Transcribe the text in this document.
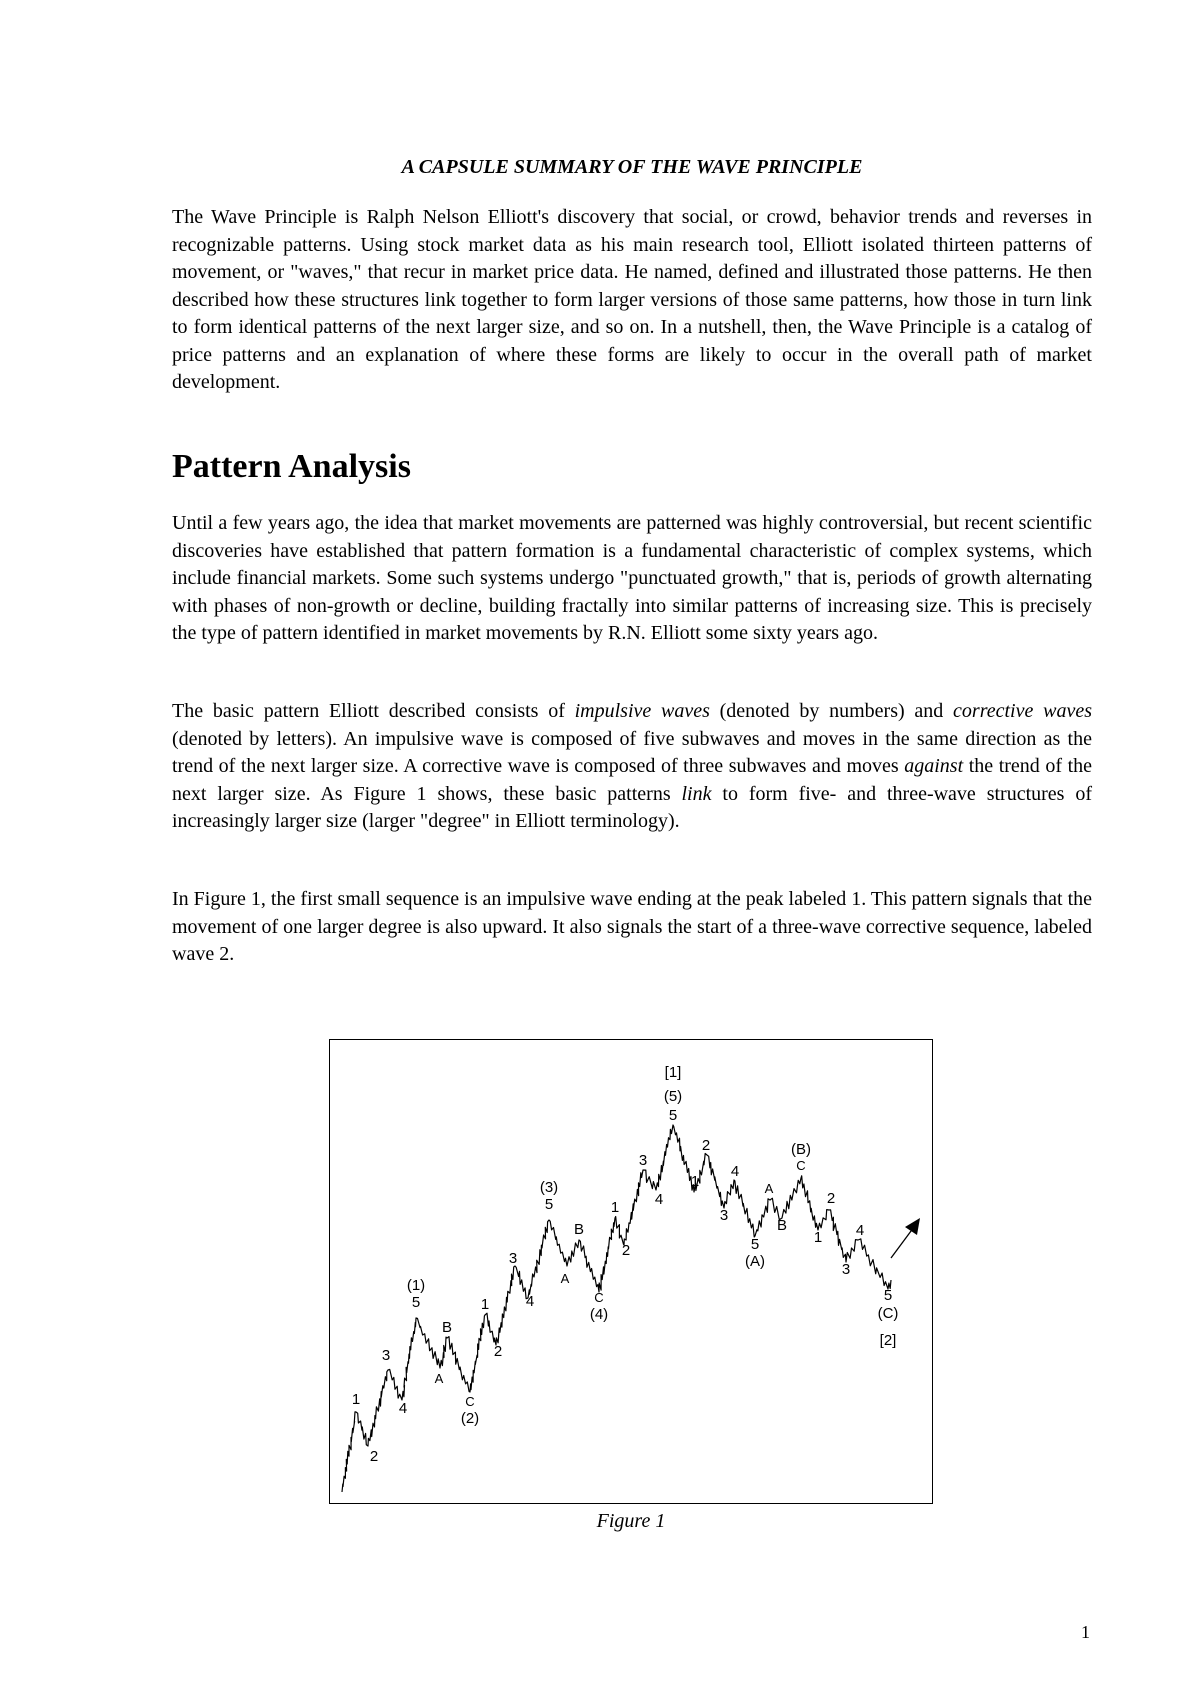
A CAPSULE SUMMARY OF THE WAVE PRINCIPLE

The Wave Principle is Ralph Nelson Elliott's discovery that social, or crowd, behavior trends and reverses in recognizable patterns. Using stock market data as his main research tool, Elliott isolated thirteen patterns of movement, or "waves," that recur in market price data. He named, defined and illustrated those patterns. He then described how these structures link together to form larger versions of those same patterns, how those in turn link to form identical patterns of the next larger size, and so on. In a nutshell, then, the Wave Principle is a catalog of price patterns and an explanation of where these forms are likely to occur in the overall path of market development.

Pattern Analysis

Until a few years ago, the idea that market movements are patterned was highly controversial, but recent scientific discoveries have established that pattern formation is a fundamental characteristic of complex systems, which include financial markets. Some such systems undergo "punctuated growth," that is, periods of growth alternating with phases of non-growth or decline, building fractally into similar patterns of increasing size. This is precisely the type of pattern identified in market movements by R.N. Elliott some sixty years ago.

The basic pattern Elliott described consists of impulsive waves (denoted by numbers) and corrective waves (denoted by letters). An impulsive wave is composed of five subwaves and moves in the same direction as the trend of the next larger size. A corrective wave is composed of three subwaves and moves against the trend of the next larger size. As Figure 1 shows, these basic patterns link to form five- and three-wave structures of increasingly larger size (larger "degree" in Elliott terminology).

In Figure 1, the first small sequence is an impulsive wave ending at the peak labeled 1. This pattern signals that the movement of one larger degree is also upward. It also signals the start of a three-wave corrective sequence, labeled wave 2.

1
2
3
4
5
(1)
A
B
C
(2)
1
2
3
4
5
(3)
A
B
C
(4)
1
2
3
4
5
(5)
[1]
1
2
3
4
5
(A)
A
B
C
(B)
1
2
3
4
5
(C)
[2]

Figure 1

1
